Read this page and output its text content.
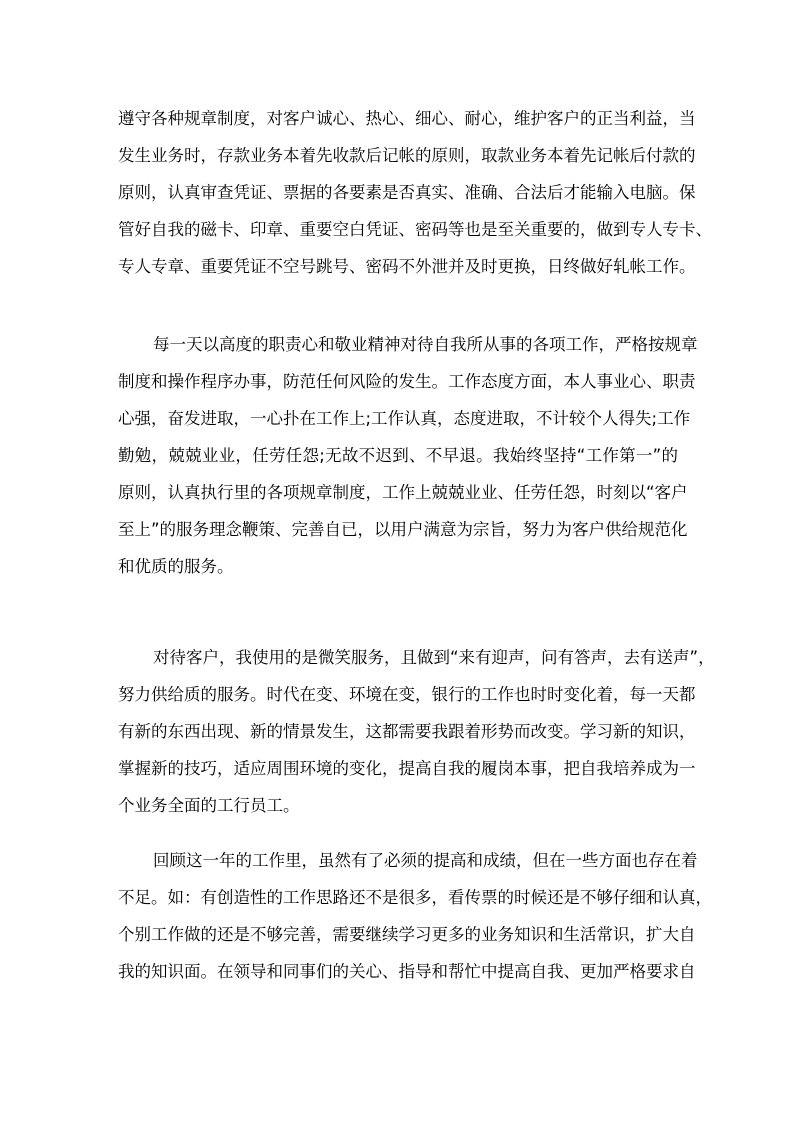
遵守各种规章制度，对客户诚心、热心、细心、耐心，维护客户的正当利益，当
发生业务时，存款业务本着先收款后记帐的原则，取款业务本着先记帐后付款的
原则，认真审查凭证、票据的各要素是否真实、准确、合法后才能输入电脑。保
管好自我的磁卡、印章、重要空白凭证、密码等也是至关重要的，做到专人专卡、
专人专章、重要凭证不空号跳号、密码不外泄并及时更换，日终做好轧帐工作。
每一天以高度的职责心和敬业精神对待自我所从事的各项工作，严格按规章
制度和操作程序办事，防范任何风险的发生。工作态度方面，本人事业心、职责
心强，奋发进取，一心扑在工作上;工作认真，态度进取，不计较个人得失;工作
勤勉，兢兢业业，任劳任怨;无故不迟到、不早退。我始终坚持“工作第一”的
原则，认真执行里的各项规章制度，工作上兢兢业业、任劳任怨，时刻以“客户
至上”的服务理念鞭策、完善自已，以用户满意为宗旨，努力为客户供给规范化
和优质的服务。
对待客户，我使用的是微笑服务，且做到“来有迎声，问有答声，去有送声”，
努力供给质的服务。时代在变、环境在变，银行的工作也时时变化着，每一天都
有新的东西出现、新的情景发生，这都需要我跟着形势而改变。学习新的知识，
掌握新的技巧，适应周围环境的变化，提高自我的履岗本事，把自我培养成为一
个业务全面的工行员工。
回顾这一年的工作里，虽然有了必须的提高和成绩，但在一些方面也存在着
不足。如：有创造性的工作思路还不是很多，看传票的时候还是不够仔细和认真，
个别工作做的还是不够完善，需要继续学习更多的业务知识和生活常识，扩大自
我的知识面。在领导和同事们的关心、指导和帮忙中提高自我、更加严格要求自
